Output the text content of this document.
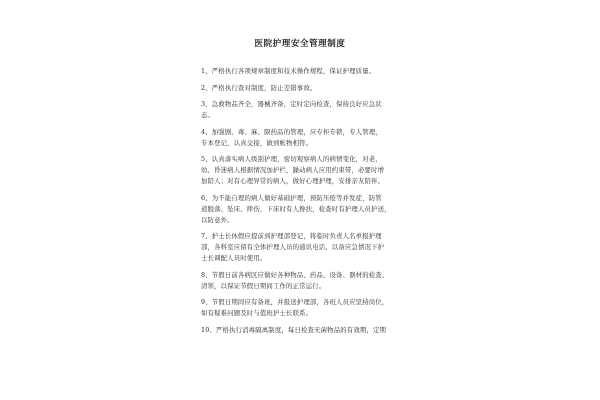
医院护理安全管理制度
1、严格执行各项规章制度和技术操作规程，保证护理质量。
2、严格执行查对制度，防止差错事故。
3、急救物品齐全，器械齐备，定时定向检查，保持良好应急状
态。
4、加强剧、毒、麻、限药品的管理，应专柜专锁，专人管理，
专本登记，认真交接，做到帐物相符。
5、认真落实病人级别护理，密切观察病人的病情变化，对老、
幼、昏迷病人根据情况加护栏，躁动病人应用约束带，必要时增
加陪人；对有心理异常的病人，做好心理护理，安排亲友陪伴。
6、为不能自理的病人做好基础护理，预防压疮等并发症，防管
道脱落、坠床、摔伤，下床时有人搀扶，检查时有护理人员护送，
以防意外。
7、护士长休假应提前到护理部登记，将临时负责人名单报护理
部，各科室应留有全体护理人员的通讯电话，以备应急情况下护
士长调配人员时使用。
8、节假日前各病区应做好各种物品、药品、设备、器材的检查、
清领，以保证节假日期间工作的正常运行。
9、节假日期间应有备班，并报送护理部，各班人员应坚持岗位，
如有疑难问题及时与值班护士长联系。
10、严格执行消毒隔离制度，每日检查无菌物品的有效期，定期
